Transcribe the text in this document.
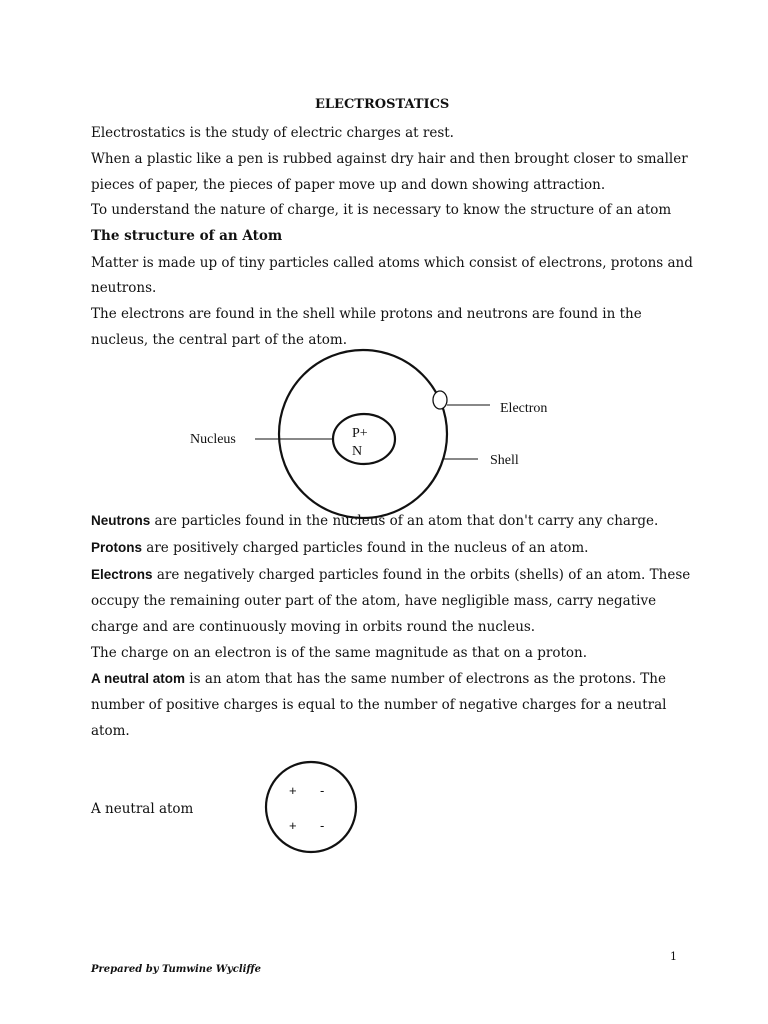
ELECTROSTATICS
Electrostatics is the study of electric charges at rest.
When a plastic like a pen is rubbed against dry hair and then brought closer to smaller
pieces of paper, the pieces of paper move up and down showing attraction.
To understand the nature of charge, it is necessary to know the structure of an atom
The structure of an Atom
Matter is made up of tiny particles called atoms which consist of electrons, protons and
neutrons.
The electrons are found in the shell while protons and neutrons are found in the
nucleus, the central part of the atom.
Nucleus	P+
N
Electron
Shell
Neutrons are particles found in the nucleus of an atom that don't carry any charge.
Protons are positively charged particles found in the nucleus of an atom.
Electrons are negatively charged particles found in the orbits (shells) of an atom. These
occupy the remaining outer part of the atom, have negligible mass, carry negative
charge and are continuously moving in orbits round the nucleus.
The charge on an electron is of the same magnitude as that on a proton.
A neutral atom is an atom that has the same number of electrons as the protons. The
number of positive charges is equal to the number of negative charges for a neutral
atom.
A neutral atom
+ -
+ -
1
Prepared by Tumwine Wycliffe
